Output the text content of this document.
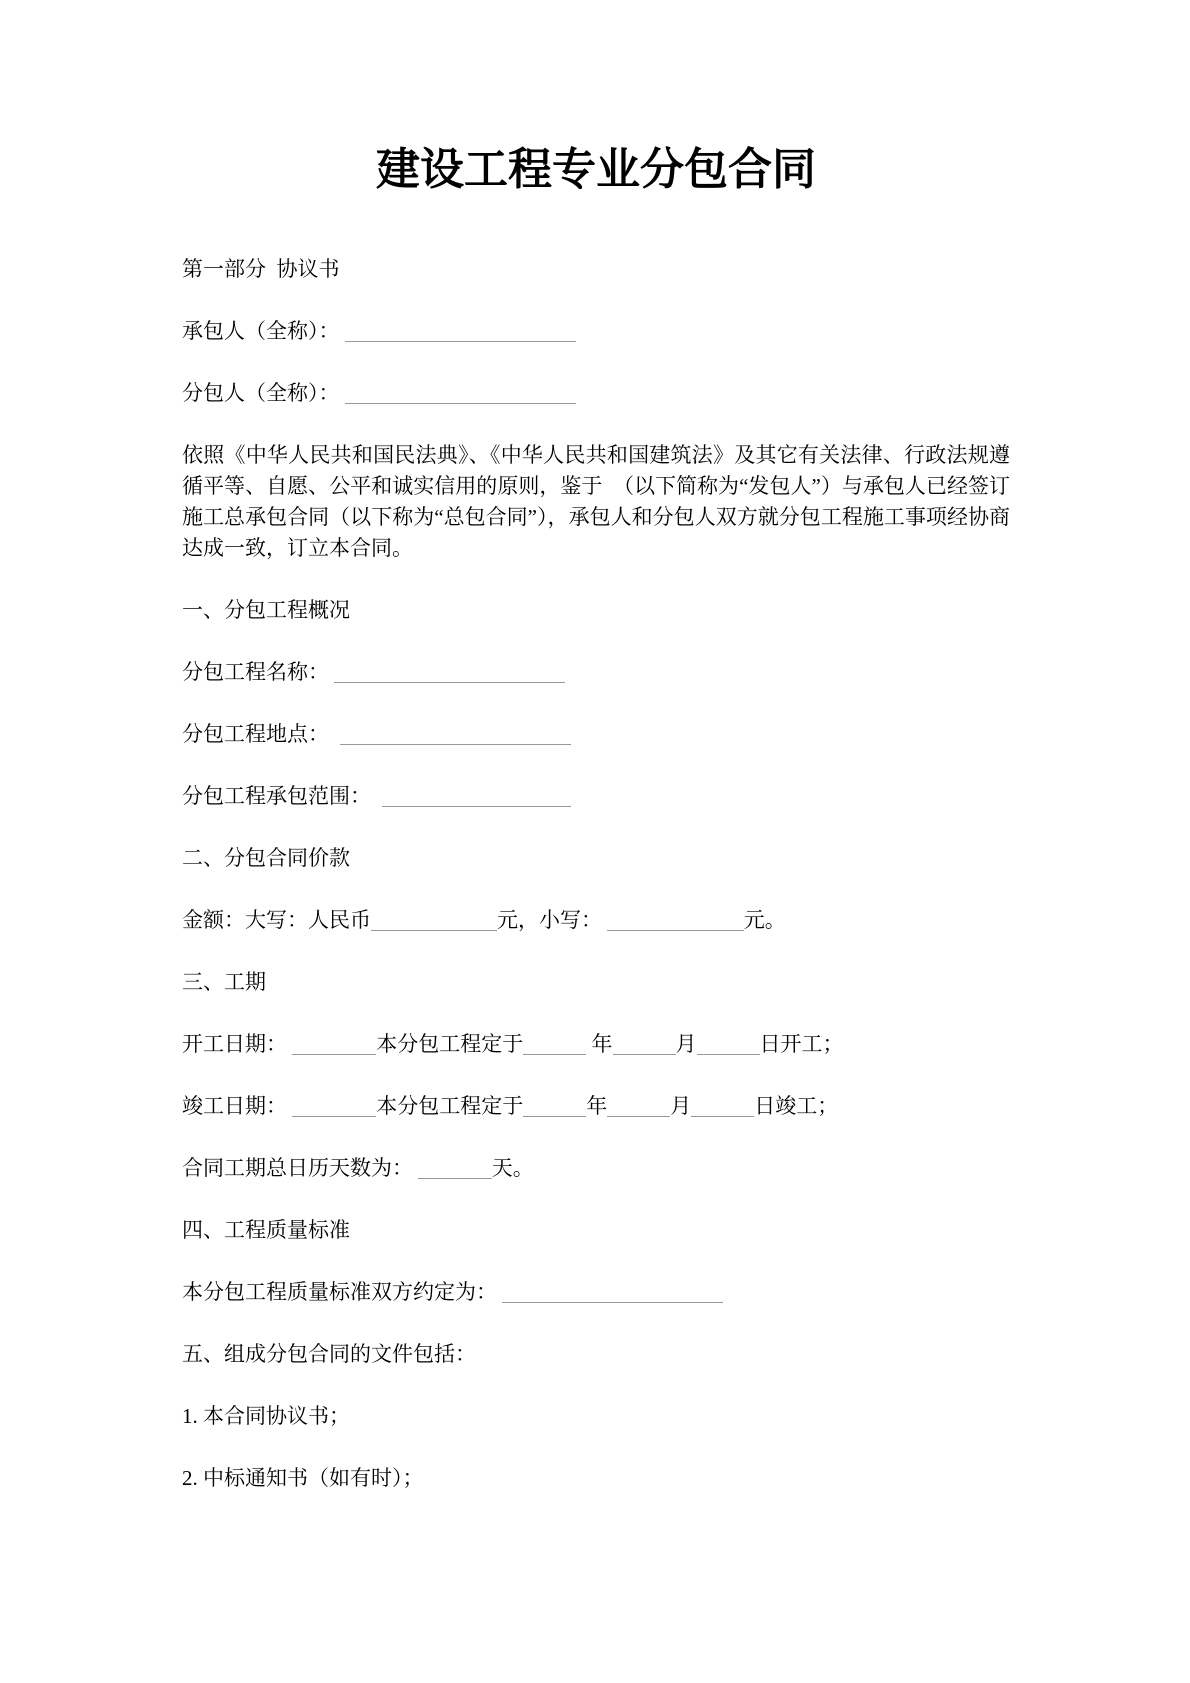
建设工程专业分包合同

第一部分  协议书

承包人（全称）：

分包人（全称）：

依照《中华人民共和国民法典》、《中华人民共和国建筑法》及其它有关法律、行政法规遵循平等、自愿、公平和诚实信用的原则，鉴于　（以下简称为“发包人”）与承包人已经签订施工总承包合同（以下称为“总包合同”），承包人和分包人双方就分包工程施工事项经协商达成一致，订立本合同。

一、分包工程概况

分包工程名称：

分包工程地点：

分包工程承包范围：

二、分包合同价款

金额：大写：人民币	元，小写：	元。

三、工期

开工日期：	本分包工程定于	年	月	日开工；

竣工日期：	本分包工程定于	年	月	日竣工；

合同工期总日历天数为：	天。

四、工程质量标准

本分包工程质量标准双方约定为：

五、组成分包合同的文件包括：

1. 本合同协议书；

2. 中标通知书（如有时）；
